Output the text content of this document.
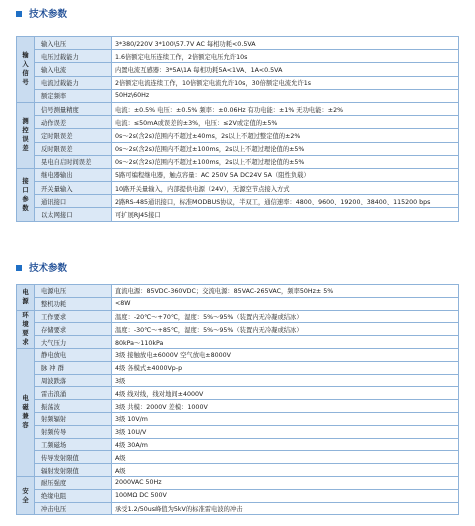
技术参数
输入信号	输入电压	3*380/220V 3*100\57.7V AC 每相功耗<0.5VA
	电压过载能力	1.6倍额定电压连续工作，2倍额定电压允许10s
	输入电流	内置电流互感器：3*5A\1A 每相功耗5A<1VA、1A<0.5VA
	电流过载能力	2倍额定电流连续工作，10倍额定电流允许10s，30倍额定电流允许1s
	额定频率	50Hz\60Hz

测控误差	信号测量精度	电流：±0.5% 电压：±0.5% 频率：±0.06Hz 有功电能：±1% 无功电能：±2%
	动作误差	电流：≤50mA或误差的±3%，电压：≤2V或定值的±5%
	定时限误差	0s～2s(含2s)范围内不超过±40ms，2s以上不超过整定值的±2%
	反时限误差	0s～2s(含2s)范围内不超过±100ms，2s以上不超过理论值的±5%
	晃电自启时间误差	0s～2s(含2s)范围内不超过±100ms，2s以上不超过理论值的±5%

接口参数	继电器输出	5路可编程继电器，触点容量：AC 250V 5A DC24V 5A（阻性负载）
	开关量输入	10路开关量输入，内部提供电源（24V），无源空节点接入方式
	通讯接口	2路RS-485通讯接口，标准MODBUS协议，半双工，通信速率：4800、9600、19200、38400、115200 bps
	以太网接口	可扩展RJ45接口
技术参数
电源	电源电压	直流电源：85VDC-360VDC；交流电源：85VAC-265VAC，频率50Hz± 5%
	整机功耗	<8W

环境要求	工作要求	温度：-20℃～+70℃，湿度：5%～95%（装置内无冷凝或结冰）
	存储要求	温度：-30℃～+85℃，湿度：5%～95%（装置内无冷凝或结冰）
	大气压力	80kPa～110kPa

电磁兼容	静电放电	3级 接触放电±6000V 空气放电±8000V
	脉 冲 群	4级 各模式±4000Vp-p
	周波跌落	3级
	雷击浪涌	4级 线对线，线对地间±4000V
	振荡波	3级 共模：2000V 差模：1000V
	射频辐射	3级 10V/m
	射频传导	3级 10U/V
	工频磁场	4级 30A/m
	传导发射限值	A级
	辐射发射限值	A级

安全	耐压强度	2000VAC 50Hz
	绝缘电阻	100MΩ DC 500V
	冲击电压	承受1.2/50us峰值为5kV的标准雷电波的冲击
